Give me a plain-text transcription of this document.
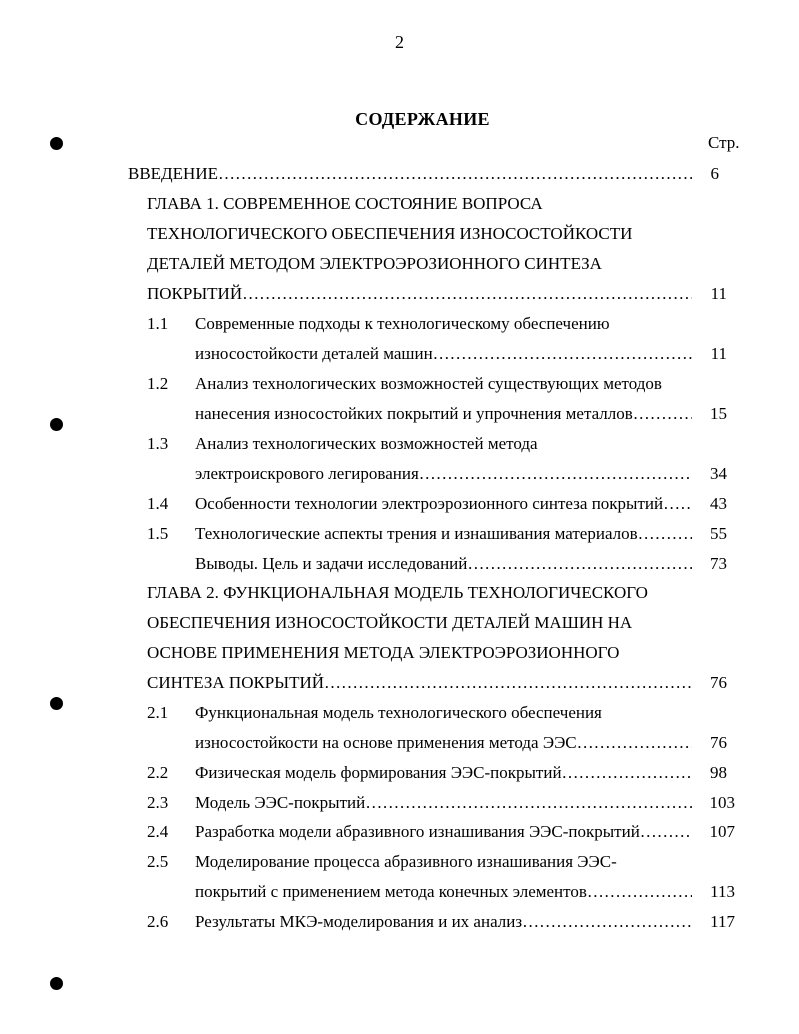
2
СОДЕРЖАНИЕ
Стр.
ВВЕДЕНИЕ ……………………………………………………………………………………………………………………………………………………………	6
ГЛАВА 1. СОВРЕМЕННОЕ СОСТОЯНИЕ ВОПРОСА
ТЕХНОЛОГИЧЕСКОГО ОБЕСПЕЧЕНИЯ ИЗНОСОСТОЙКОСТИ
ДЕТАЛЕЙ МЕТОДОМ ЭЛЕКТРОЭРОЗИОННОГО СИНТЕЗА
ПОКРЫТИЙ ……………………………………………………………………………………………………………………………………………………………	11
1.1 Современные подходы к технологическому обеспечению
износостойкости деталей машин ……………………………………………………………………………………………………………………………………………………………	11
1.2 Анализ технологических возможностей существующих методов
нанесения износостойких покрытий и упрочнения металлов ……………………………………………………………………………………………………………………………………………………………	15
1.3 Анализ технологических возможностей метода
электроискрового легирования ……………………………………………………………………………………………………………………………………………………………	34
1.4 Особенности технологии электроэрозионного синтеза покрытий ……………………………………………………………………………………………………………………………………………………………	43
1.5 Технологические аспекты трения и изнашивания материалов ……………………………………………………………………………………………………………………………………………………………	55
Выводы. Цель и задачи исследований ……………………………………………………………………………………………………………………………………………………………	73
ГЛАВА 2. ФУНКЦИОНАЛЬНАЯ МОДЕЛЬ ТЕХНОЛОГИЧЕСКОГО
ОБЕСПЕЧЕНИЯ ИЗНОСОСТОЙКОСТИ ДЕТАЛЕЙ МАШИН НА
ОСНОВЕ ПРИМЕНЕНИЯ МЕТОДА ЭЛЕКТРОЭРОЗИОННОГО
СИНТЕЗА ПОКРЫТИЙ ……………………………………………………………………………………………………………………………………………………………	76
2.1 Функциональная модель технологического обеспечения
износостойкости на основе применения метода ЭЭС ……………………………………………………………………………………………………………………………………………………………	76
2.2 Физическая модель формирования ЭЭС-покрытий ……………………………………………………………………………………………………………………………………………………………	98
2.3 Модель ЭЭС-покрытий ……………………………………………………………………………………………………………………………………………………………	103
2.4 Разработка модели абразивного изнашивания ЭЭС-покрытий ……………………………………………………………………………………………………………………………………………………………	107
2.5 Моделирование процесса абразивного изнашивания ЭЭС-
покрытий с применением метода конечных элементов ……………………………………………………………………………………………………………………………………………………………	113
2.6 Результаты МКЭ-моделирования и их анализ ……………………………………………………………………………………………………………………………………………………………	117
